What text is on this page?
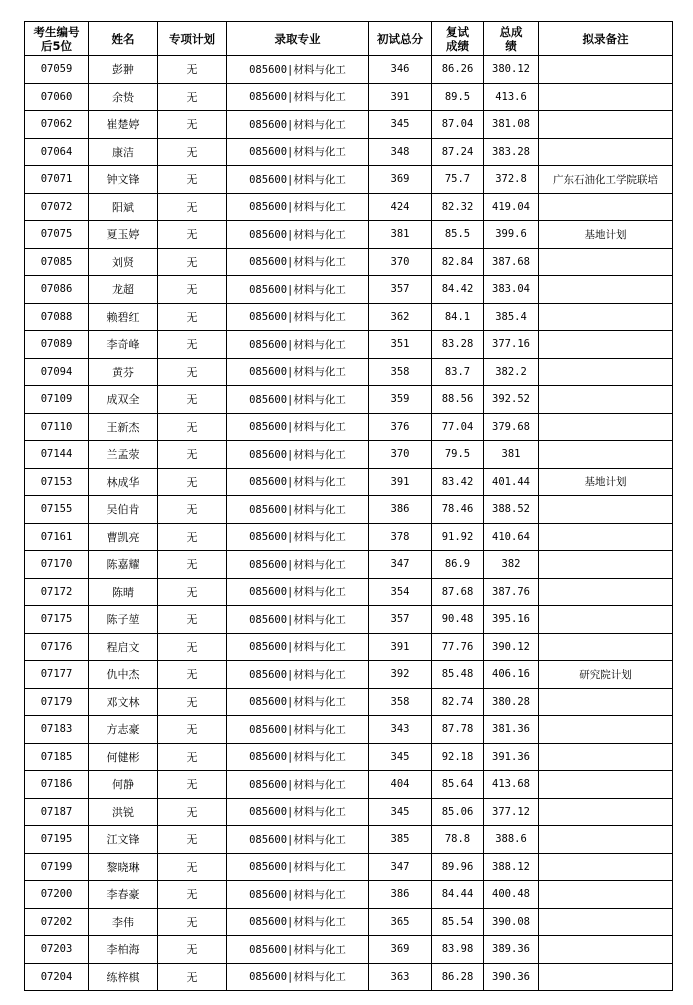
考生编号后5位	姓名	专项计划	录取专业	初试总分	复试成绩	总成绩	拟录备注
07059	彭翀	无	085600|材料与化工	346	86.26	380.12	
07060	余贽	无	085600|材料与化工	391	89.5	413.6	
07062	崔楚婷	无	085600|材料与化工	345	87.04	381.08	
07064	康洁	无	085600|材料与化工	348	87.24	383.28	
07071	钟文锋	无	085600|材料与化工	369	75.7	372.8	广东石油化工学院联培
07072	阳斌	无	085600|材料与化工	424	82.32	419.04	
07075	夏玉婷	无	085600|材料与化工	381	85.5	399.6	基地计划
07085	刘贤	无	085600|材料与化工	370	82.84	387.68	
07086	龙超	无	085600|材料与化工	357	84.42	383.04	
07088	赖碧红	无	085600|材料与化工	362	84.1	385.4	
07089	李奇峰	无	085600|材料与化工	351	83.28	377.16	
07094	黄芬	无	085600|材料与化工	358	83.7	382.2	
07109	成双全	无	085600|材料与化工	359	88.56	392.52	
07110	王新杰	无	085600|材料与化工	376	77.04	379.68	
07144	兰孟荥	无	085600|材料与化工	370	79.5	381	
07153	林成华	无	085600|材料与化工	391	83.42	401.44	基地计划
07155	吴伯肯	无	085600|材料与化工	386	78.46	388.52	
07161	曹凯亮	无	085600|材料与化工	378	91.92	410.64	
07170	陈嘉耀	无	085600|材料与化工	347	86.9	382	
07172	陈晴	无	085600|材料与化工	354	87.68	387.76	
07175	陈子堃	无	085600|材料与化工	357	90.48	395.16	
07176	程启文	无	085600|材料与化工	391	77.76	390.12	
07177	仇中杰	无	085600|材料与化工	392	85.48	406.16	研究院计划
07179	邓文林	无	085600|材料与化工	358	82.74	380.28	
07183	方志豪	无	085600|材料与化工	343	87.78	381.36	
07185	何健彬	无	085600|材料与化工	345	92.18	391.36	
07186	何静	无	085600|材料与化工	404	85.64	413.68	
07187	洪锐	无	085600|材料与化工	345	85.06	377.12	
07195	江文锋	无	085600|材料与化工	385	78.8	388.6	
07199	黎晓琳	无	085600|材料与化工	347	89.96	388.12	
07200	李春豪	无	085600|材料与化工	386	84.44	400.48	
07202	李伟	无	085600|材料与化工	365	85.54	390.08	
07203	李柏海	无	085600|材料与化工	369	83.98	389.36	
07204	练梓棋	无	085600|材料与化工	363	86.28	390.36	
